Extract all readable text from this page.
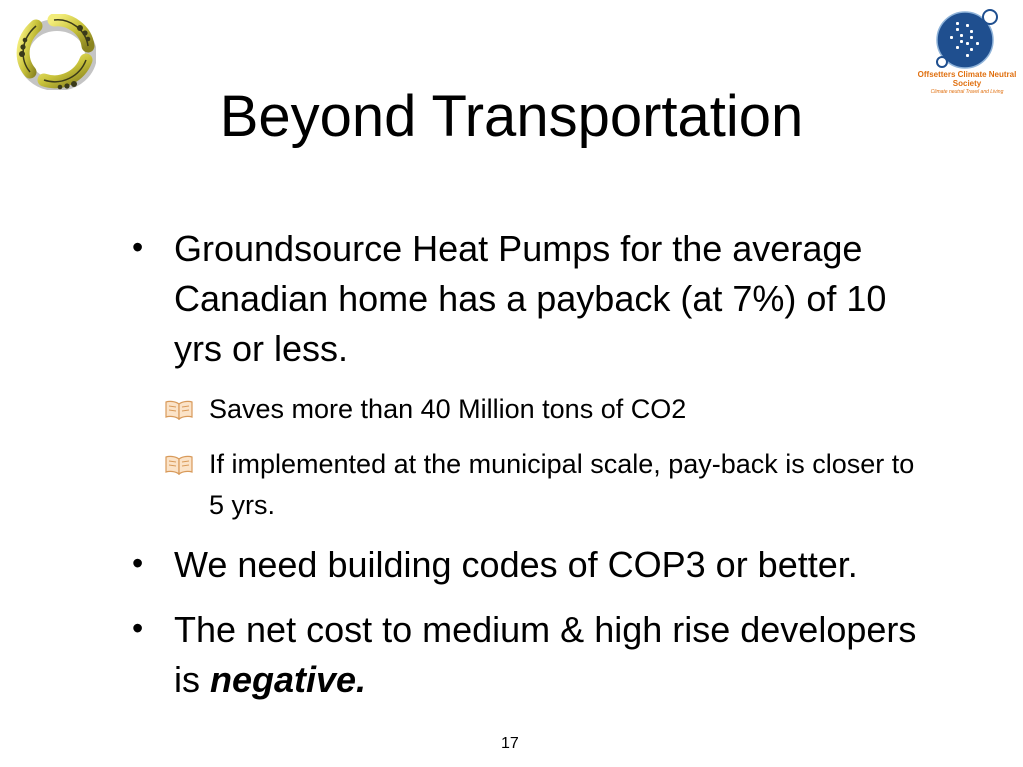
Offsetters Climate Neutral
Society
Climate neutral Travel and Living
Beyond Transportation
• Groundsource Heat Pumps for the average Canadian home has a payback (at 7%) of 10 yrs or less.
Saves more than 40 Million tons of CO2
If implemented at the municipal scale, pay-back is closer to 5 yrs.
• We need building codes of COP3 or better.
• The net cost to medium & high rise developers is negative.
17
